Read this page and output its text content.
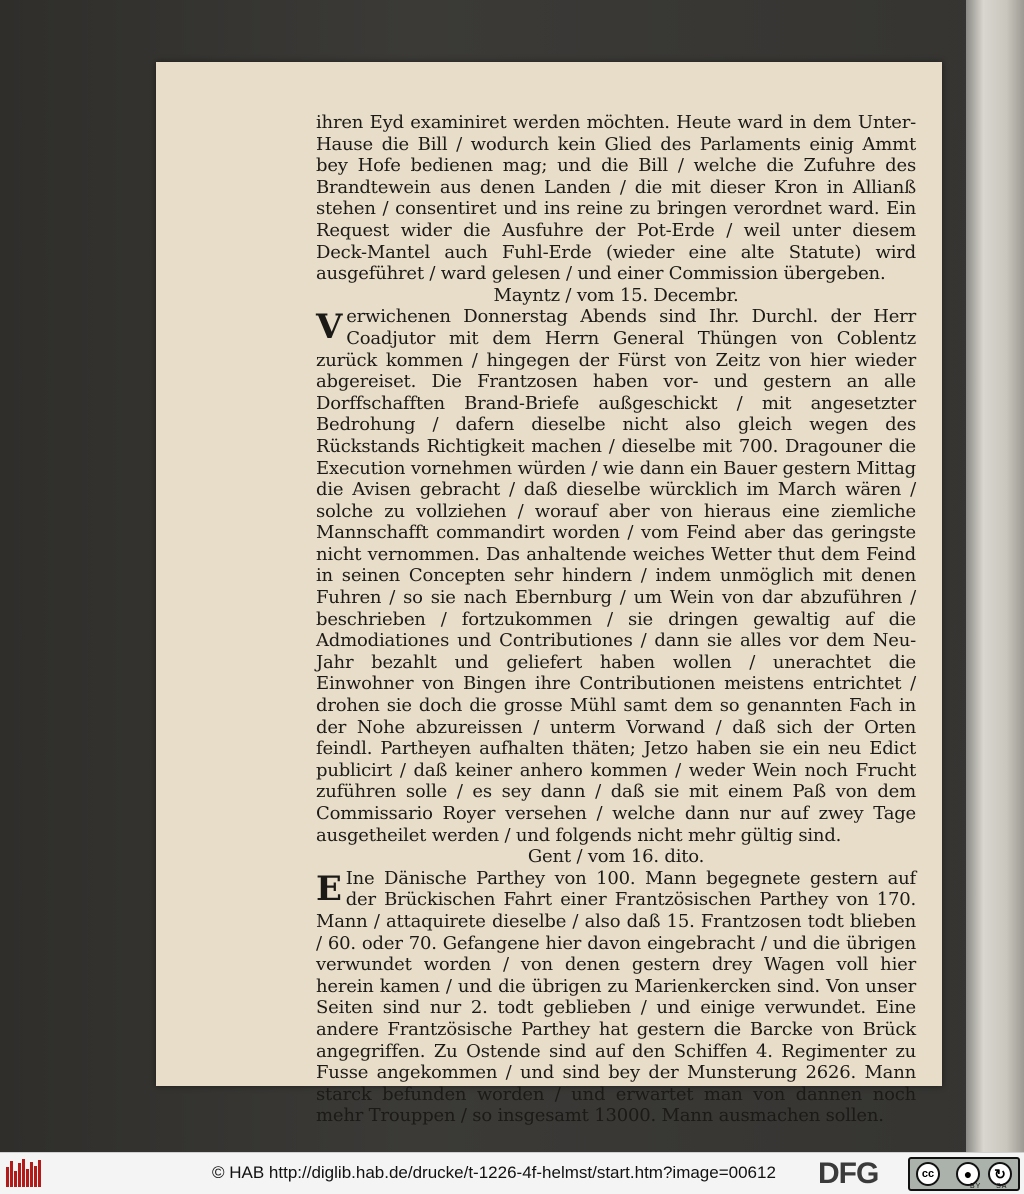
ihren Eyd examiniret werden möchten. Heute ward in dem Unter-Hause die Bill / wodurch kein Glied des Parlaments einig Ammt bey Hofe bedienen mag; und die Bill / welche die Zufuhre des Brandtewein aus denen Landen / die mit dieser Kron in Allianß stehen / consentiret und ins reine zu bringen verordnet ward. Ein Request wider die Ausfuhre der Pot-Erde / weil unter diesem Deck-Mantel auch Fuhl-Erde (wieder eine alte Statute) wird ausgeführet / ward gelesen / und einer Commission übergeben.

Mayntz / vom 15. Decembr.

Verwichenen Donnerstag Abends sind Ihr. Durchl. der Herr Coadjutor mit dem Herrn General Thüngen von Coblentz zurück kommen / hingegen der Fürst von Zeitz von hier wieder abgereiset. Die Frantzosen haben vor- und gestern an alle Dorffschafften Brand-Briefe außgeschickt / mit angesetzter Bedrohung / dafern dieselbe nicht also gleich wegen des Rückstands Richtigkeit machen / dieselbe mit 700. Dragouner die Execution vornehmen würden / wie dann ein Bauer gestern Mittag die Avisen gebracht / daß dieselbe würcklich im March wären / solche zu vollziehen / worauf aber von hieraus eine ziemliche Mannschafft commandirt worden / vom Feind aber das geringste nicht vernommen. Das anhaltende weiches Wetter thut dem Feind in seinen Concepten sehr hindern / indem unmöglich mit denen Fuhren / so sie nach Ebernburg / um Wein von dar abzuführen / beschrieben / fortzukommen / sie dringen gewaltig auf die Admodiationes und Contributiones / dann sie alles vor dem Neu-Jahr bezahlt und geliefert haben wollen / unerachtet die Einwohner von Bingen ihre Contributionen meistens entrichtet / drohen sie doch die grosse Mühl samt dem so genannten Fach in der Nohe abzureissen / unterm Vorwand / daß sich der Orten feindl. Partheyen aufhalten thäten; Jetzo haben sie ein neu Edict publicirt / daß keiner anhero kommen / weder Wein noch Frucht zuführen solle / es sey dann / daß sie mit einem Paß von dem Commissario Royer versehen / welche dann nur auf zwey Tage ausgetheilet werden / und folgends nicht mehr gültig sind.

Gent / vom 16. dito.

E Ine Dänische Parthey von 100. Mann begegnete gestern auf der Brückischen Fahrt einer Frantzösischen Parthey von 170. Mann / attaquirete dieselbe / also daß 15. Frantzosen todt blieben / 60. oder 70. Gefangene hier davon eingebracht / und die übrigen verwundet worden / von denen gestern drey Wagen voll hier herein kamen / und die übrigen zu Marienkercken sind. Von unser Seiten sind nur 2. todt geblieben / und einige verwundet. Eine andere Frantzösische Parthey hat gestern die Barcke von Brück angegriffen. Zu Ostende sind auf den Schiffen 4. Regimenter zu Fusse angekommen / und sind bey der Munsterung 2626. Mann starck befunden worden / und erwartet man von dannen noch mehr Trouppen / so insgesamt 13000. Mann ausmachen sollen.

© HAB http://diglib.hab.de/drucke/t-1226-4f-helmst/start.htm?image=00612 DFG	cc	●	↻
BY SA
